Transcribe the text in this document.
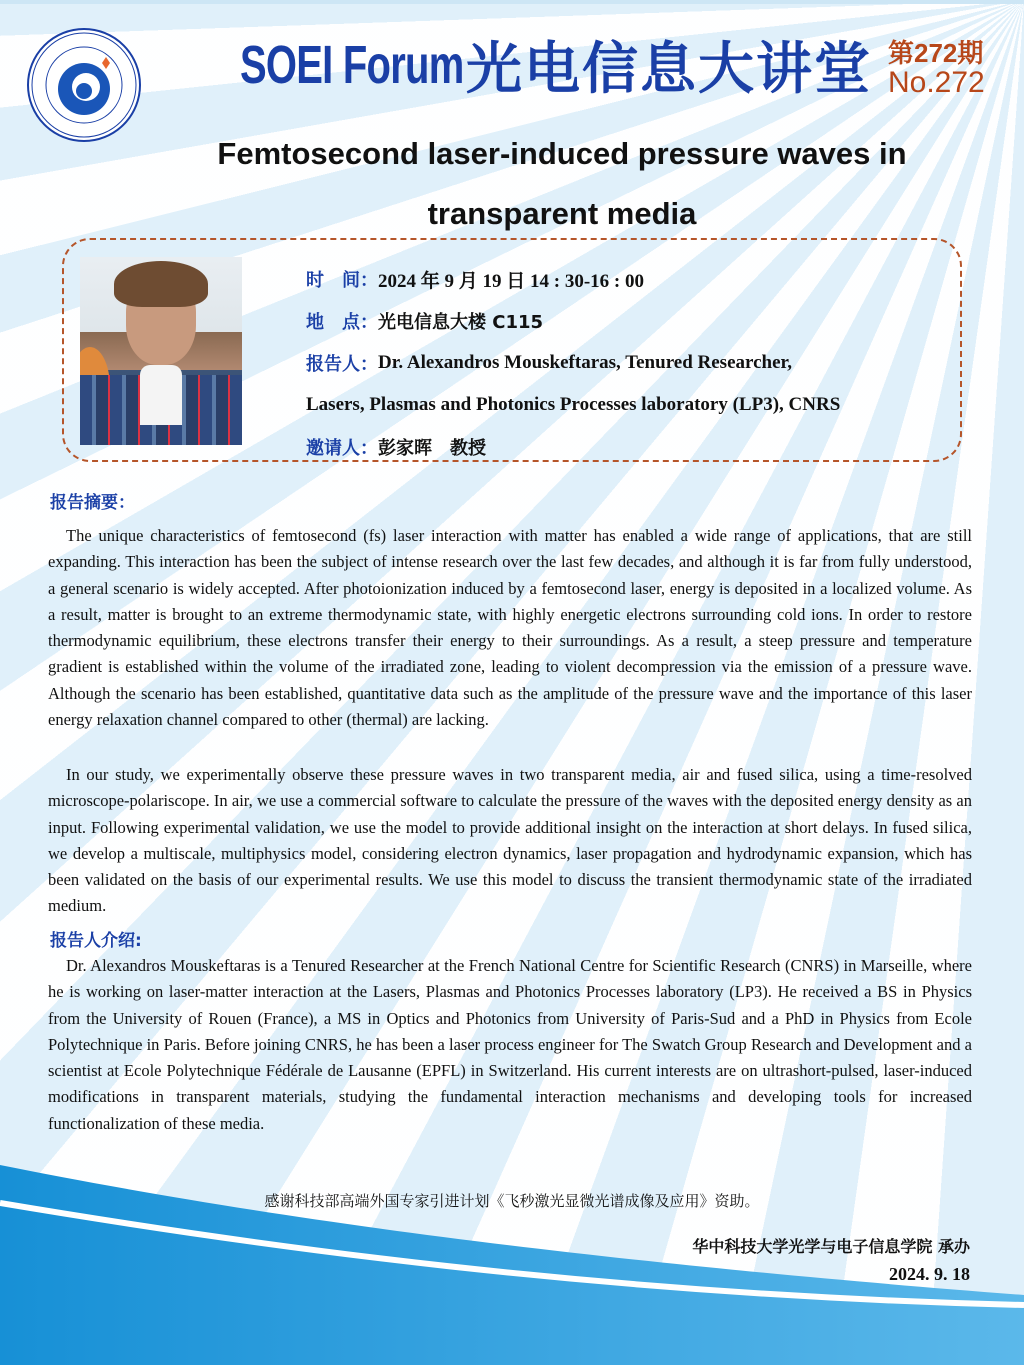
SOEI Forum 光电信息大讲堂 第272期
No.272
Femtosecond laser-induced pressure waves in
transparent media
时　间： 2024 年 9 月 19 日 14 : 30-16 : 00
地　点： 光电信息大楼 C115
报告人： Dr. Alexandros Mouskeftaras, Tenured Researcher,
Lasers, Plasmas and Photonics Processes laboratory (LP3), CNRS
邀请人： 彭家晖　教授
报告摘要：
The unique characteristics of femtosecond (fs) laser interaction with matter has enabled a wide range of applications, that are still expanding. This interaction has been the subject of intense research over the last few decades, and although it is far from fully understood, a general scenario is widely accepted. After photoionization induced by a femtosecond laser, energy is deposited in a localized volume. As a result, matter is brought to an extreme thermodynamic state, with highly energetic electrons surrounding cold ions. In order to restore thermodynamic equilibrium, these electrons transfer their energy to their surroundings. As a result, a steep pressure and temperature gradient is established within the volume of the irradiated zone, leading to violent decompression via the emission of a pressure wave. Although the scenario has been established, quantitative data such as the amplitude of the pressure wave and the importance of this laser energy relaxation channel compared to other (thermal) are lacking.
In our study, we experimentally observe these pressure waves in two transparent media, air and fused silica, using a time-resolved microscope-polariscope. In air, we use a commercial software to calculate the pressure of the waves with the deposited energy density as an input. Following experimental validation, we use the model to provide additional insight on the interaction at short delays. In fused silica, we develop a multiscale, multiphysics model, considering electron dynamics, laser propagation and hydrodynamic expansion, which has been validated on the basis of our experimental results. We use this model to discuss the transient thermodynamic state of the irradiated medium.
报告人介绍:
Dr. Alexandros Mouskeftaras is a Tenured Researcher at the French National Centre for Scientific Research (CNRS) in Marseille, where he is working on laser-matter interaction at the Lasers, Plasmas and Photonics Processes laboratory (LP3). He received a BS in Physics from the University of Rouen (France), a MS in Optics and Photonics from University of Paris-Sud and a PhD in Physics from Ecole Polytechnique in Paris. Before joining CNRS, he has been a laser process engineer for The Swatch Group Research and Development and a scientist at Ecole Polytechnique Fédérale de Lausanne (EPFL) in Switzerland. His current interests are on ultrashort-pulsed, laser-induced modifications in transparent materials, studying the fundamental interaction mechanisms and developing tools for increased functionalization of these media.
感谢科技部高端外国专家引进计划《飞秒激光显微光谱成像及应用》资助。
华中科技大学光学与电子信息学院 承办
2024. 9. 18
